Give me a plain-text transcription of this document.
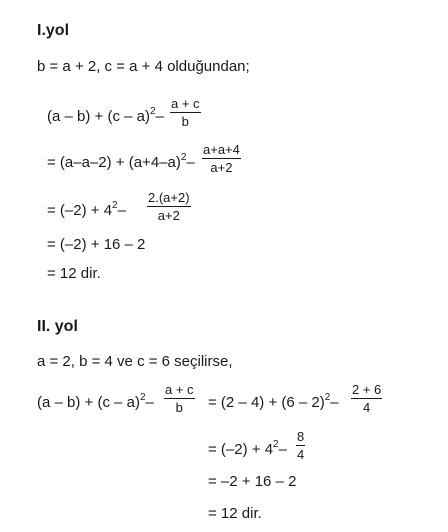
I.yol
b = a + 2, c = a + 4 olduğundan;
$(a - b) + (c - a)^2- \frac{a + c}{b}$
= $(a-a-2) + (a+4-a)^2- \frac{a+a+4}{a+2}$
= $(-2) + 4^2- \frac{2.(a+2)}{a+2}$
= (–2) + 16 – 2
= 12 dir.
II. yol
a = 2, b = 4 ve c = 6 seçilirse,
$(a - b) + (c - a)^2- \frac{a + c}{b} = (2 - 4) + (6 - 2)^2- \frac{2 + 6}{4}$
= $(-2) + 4^2- \frac{8}{4}$
= –2 + 16 – 2
= 12 dir.
